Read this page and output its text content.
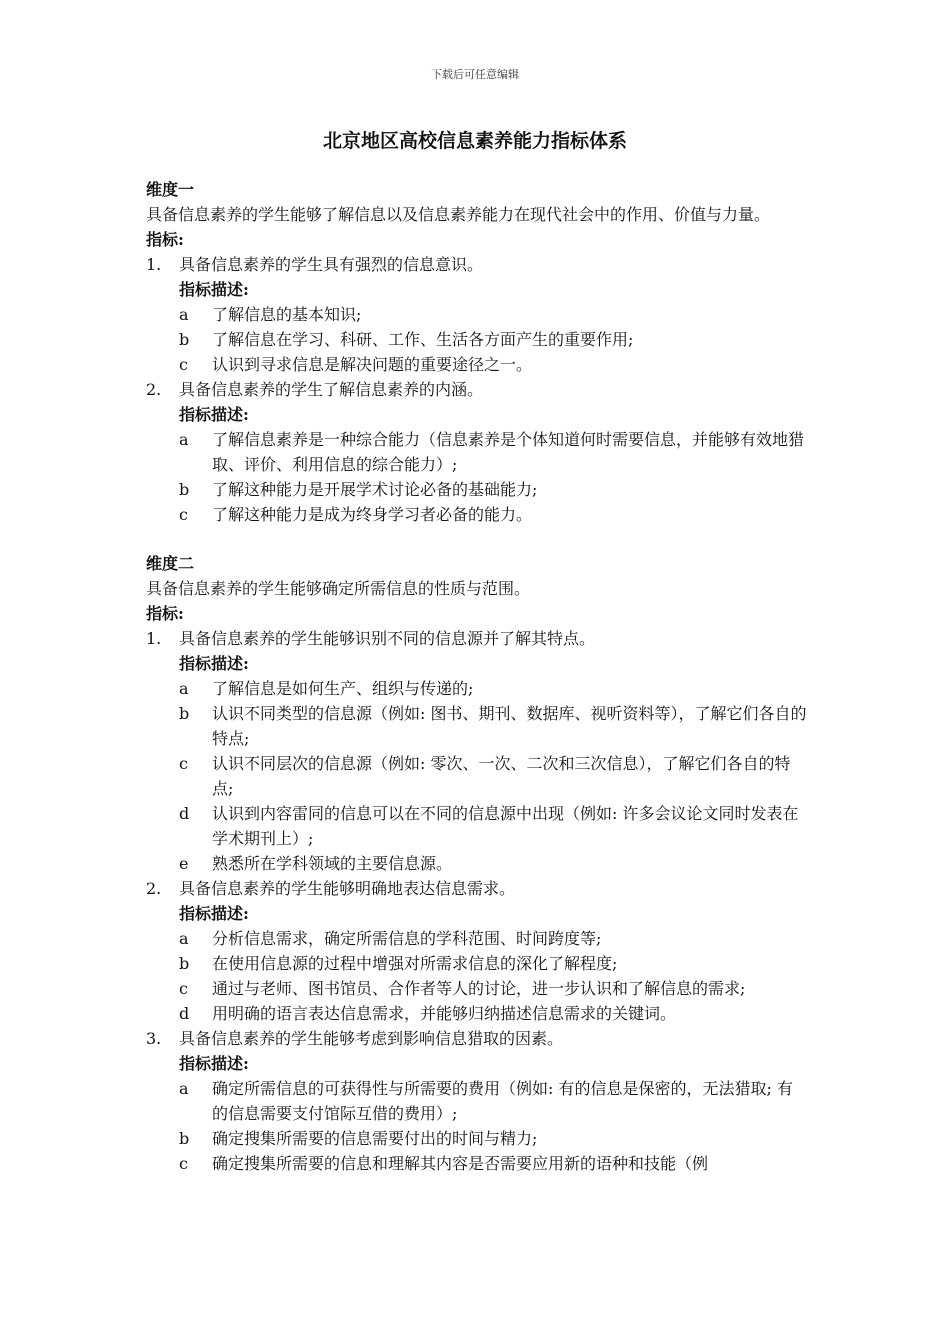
下载后可任意编辑
北京地区高校信息素养能力指标体系
维度一
具备信息素养的学生能够了解信息以及信息素养能力在现代社会中的作用、价值与力量。
指标:
1.	具备信息素养的学生具有强烈的信息意识。
指标描述:
a	了解信息的基本知识;
b	了解信息在学习、科研、工作、生活各方面产生的重要作用;
c	认识到寻求信息是解决问题的重要途径之一。
2.	具备信息素养的学生了解信息素养的内涵。
指标描述:
a	了解信息素养是一种综合能力（信息素养是个体知道何时需要信息，并能够有效地猎取、评价、利用信息的综合能力）;
b	了解这种能力是开展学术讨论必备的基础能力;
c	了解这种能力是成为终身学习者必备的能力。
维度二
具备信息素养的学生能够确定所需信息的性质与范围。
指标:
1.	具备信息素养的学生能够识别不同的信息源并了解其特点。
指标描述:
a	了解信息是如何生产、组织与传递的;
b	认识不同类型的信息源（例如: 图书、期刊、数据库、视听资料等），了解它们各自的特点;
c	认识不同层次的信息源（例如: 零次、一次、二次和三次信息），了解它们各自的特点;
d	认识到内容雷同的信息可以在不同的信息源中出现（例如: 许多会议论文同时发表在学术期刊上）;
e	熟悉所在学科领域的主要信息源。
2.	具备信息素养的学生能够明确地表达信息需求。
指标描述:
a	分析信息需求，确定所需信息的学科范围、时间跨度等;
b	在使用信息源的过程中增强对所需求信息的深化了解程度;
c	通过与老师、图书馆员、合作者等人的讨论，进一步认识和了解信息的需求;
d	用明确的语言表达信息需求，并能够归纳描述信息需求的关键词。
3.	具备信息素养的学生能够考虑到影响信息猎取的因素。
指标描述:
a	确定所需信息的可获得性与所需要的费用（例如: 有的信息是保密的，无法猎取; 有的信息需要支付馆际互借的费用）;
b	确定搜集所需要的信息需要付出的时间与精力;
c	确定搜集所需要的信息和理解其内容是否需要应用新的语种和技能（例
